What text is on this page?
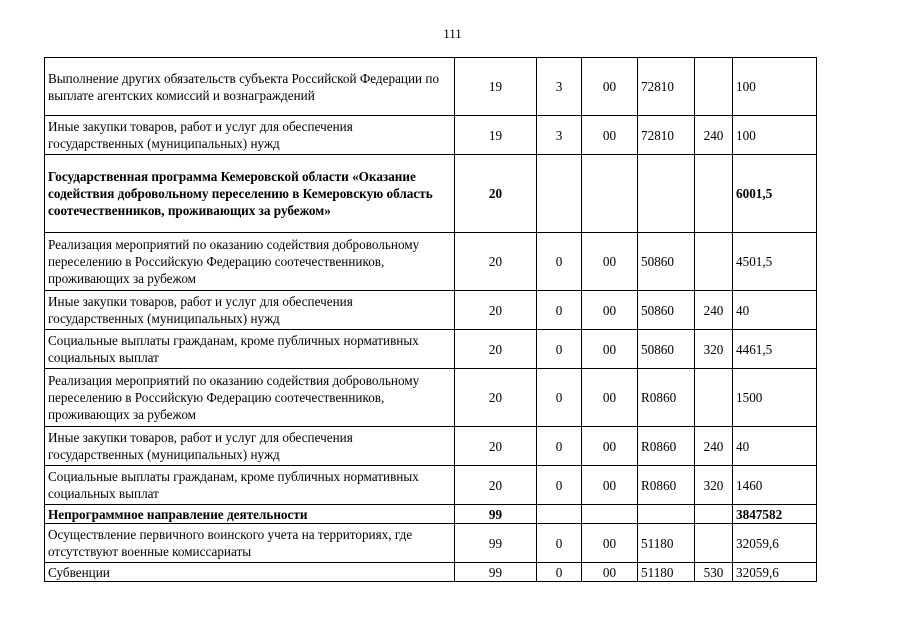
111
Выполнение других обязательств субъекта Российской Федерации по выплате агентских комиссий и вознаграждений	19	3	00	72810		100
Иные закупки товаров, работ и услуг для обеспечения государственных (муниципальных) нужд	19	3	00	72810	240	100
Государственная программа Кемеровской области «Оказание содействия добровольному переселению в Кемеровскую область соотечественников, проживающих за рубежом»	20					6001,5
Реализация мероприятий по оказанию содействия добровольному переселению в Российскую Федерацию соотечественников, проживающих за рубежом	20	0	00	50860		4501,5
Иные закупки товаров, работ и услуг для обеспечения государственных (муниципальных) нужд	20	0	00	50860	240	40
Социальные выплаты гражданам, кроме публичных нормативных социальных выплат	20	0	00	50860	320	4461,5
Реализация мероприятий по оказанию содействия добровольному переселению в Российскую Федерацию соотечественников, проживающих за рубежом	20	0	00	R0860		1500
Иные закупки товаров, работ и услуг для обеспечения государственных (муниципальных) нужд	20	0	00	R0860	240	40
Социальные выплаты гражданам, кроме публичных нормативных социальных выплат	20	0	00	R0860	320	1460
Непрограммное направление деятельности	99					3847582
Осуществление первичного воинского учета на территориях, где отсутствуют военные комиссариаты	99	0	00	51180		32059,6
Субвенции	99	0	00	51180	530	32059,6
